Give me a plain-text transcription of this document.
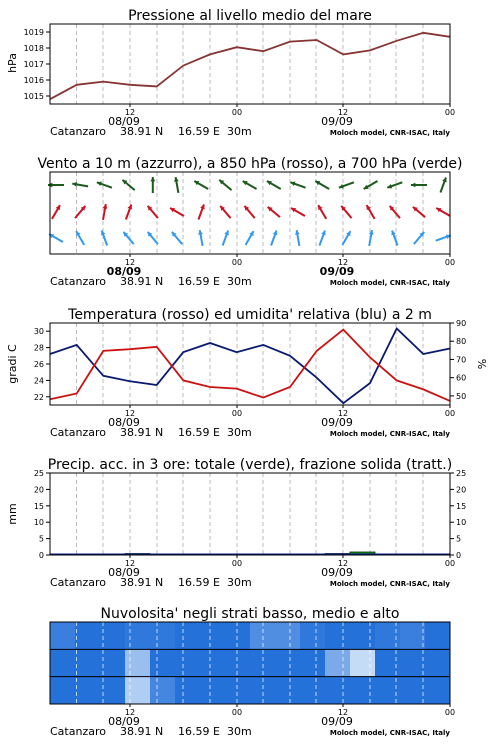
Pressione al livello medio del mare
hPa
1015
1016
1017
1018
1019
12	00	12	00
08/09	09/09
Catanzaro 38.91 N 16.59 E 30m	Moloch model, CNR-ISAC, Italy
Vento a 10 m (azzurro), a 850 hPa (rosso), a 700 hPa (verde)
12	00	12	00
08/09	09/09
Catanzaro 38.91 N 16.59 E 30m	Moloch model, CNR-ISAC, Italy
Temperatura (rosso) ed umidita' relativa (blu) a 2 m
gradi C	%
22
24
26
28
30
50
60
70
80
90
12	00	12	00
08/09	09/09
Catanzaro 38.91 N 16.59 E 30m	Moloch model, CNR-ISAC, Italy
Precip. acc. in 3 ore: totale (verde), frazione solida (tratt.)
mm
0
5
10
15
20
25
0
5
10
15
20
25
12	00	12	00
08/09	09/09
Catanzaro 38.91 N 16.59 E 30m	Moloch model, CNR-ISAC, Italy
Nuvolosita' negli strati basso, medio e alto
12	00	12	00
08/09	09/09
Catanzaro 38.91 N 16.59 E 30m	Moloch model, CNR-ISAC, Italy
